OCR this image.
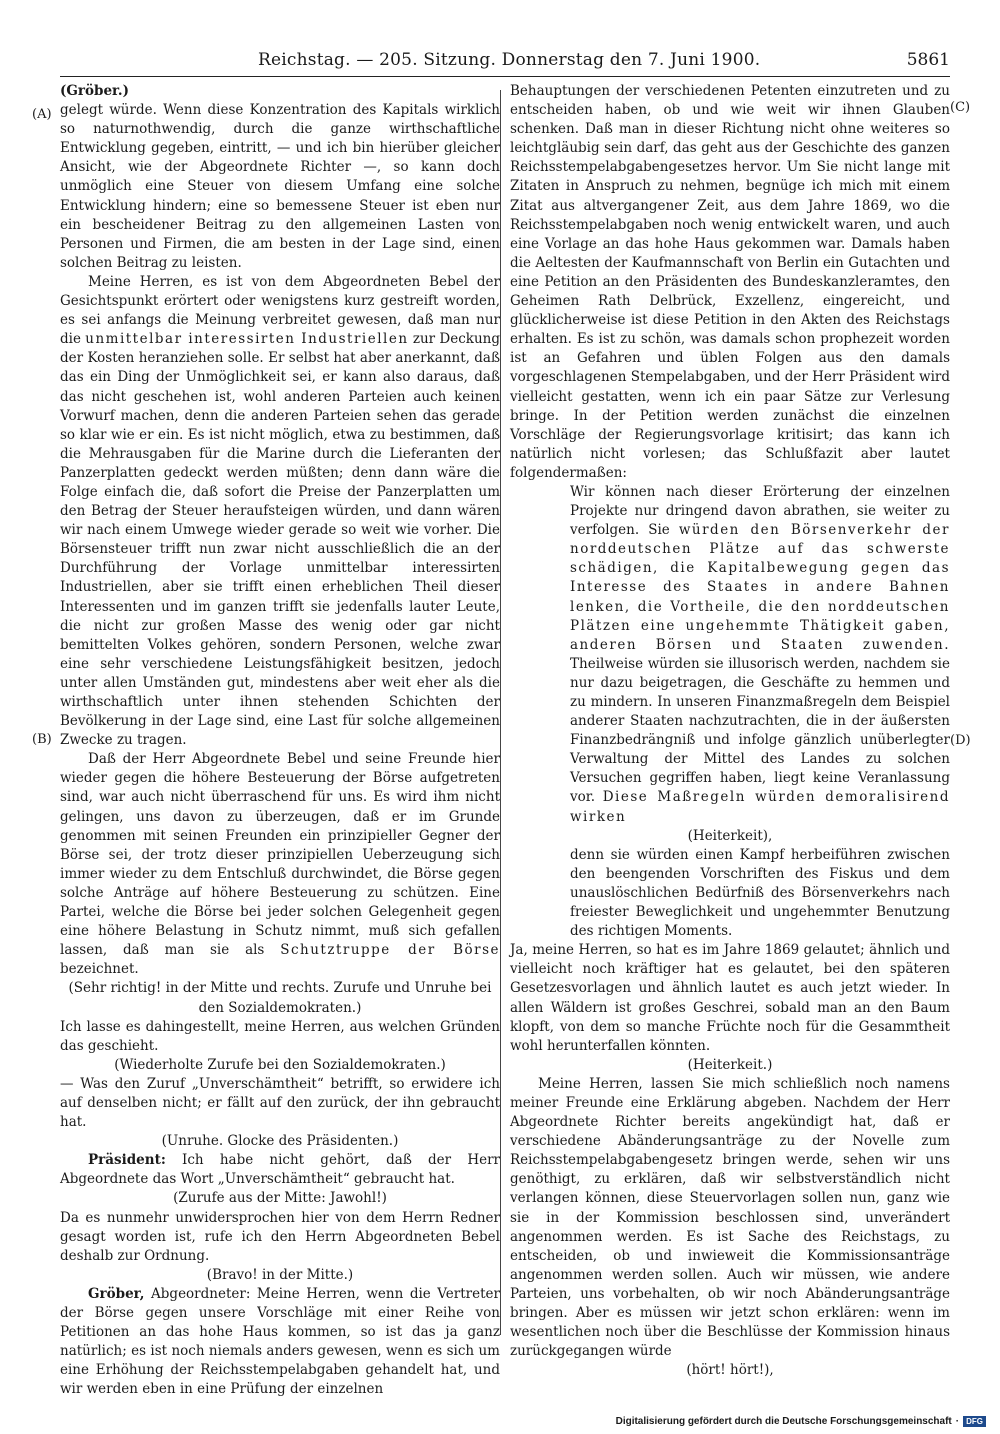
Reichstag. — 205. Sitzung. Donnerstag den 7. Juni 1900.	5861
(A)
(B)
(C)
(D)

(Gröber.)

gelegt würde. Wenn diese Konzentration des Kapitals wirklich so naturnothwendig, durch die ganze wirthschaftliche Entwicklung gegeben, eintritt, — und ich bin hierüber gleicher Ansicht, wie der Abgeordnete Richter —, so kann doch unmöglich eine Steuer von diesem Umfang eine solche Entwicklung hindern; eine so bemessene Steuer ist eben nur ein bescheidener Beitrag zu den allgemeinen Lasten von Personen und Firmen, die am besten in der Lage sind, einen solchen Beitrag zu leisten.

Meine Herren, es ist von dem Abgeordneten Bebel der Gesichtspunkt erörtert oder wenigstens kurz gestreift worden, es sei anfangs die Meinung verbreitet gewesen, daß man nur die unmittelbar interessirten Industriellen zur Deckung der Kosten heranziehen solle. Er selbst hat aber anerkannt, daß das ein Ding der Unmöglichkeit sei, er kann also daraus, daß das nicht geschehen ist, wohl anderen Parteien auch keinen Vorwurf machen, denn die anderen Parteien sehen das gerade so klar wie er ein. Es ist nicht möglich, etwa zu bestimmen, daß die Mehrausgaben für die Marine durch die Lieferanten der Panzerplatten gedeckt werden müßten; denn dann wäre die Folge einfach die, daß sofort die Preise der Panzerplatten um den Betrag der Steuer heraufsteigen würden, und dann wären wir nach einem Umwege wieder gerade so weit wie vorher. Die Börsensteuer trifft nun zwar nicht ausschließlich die an der Durchführung der Vorlage unmittelbar interessirten Industriellen, aber sie trifft einen erheblichen Theil dieser Interessenten und im ganzen trifft sie jedenfalls lauter Leute, die nicht zur großen Masse des wenig oder gar nicht bemittelten Volkes gehören, sondern Personen, welche zwar eine sehr verschiedene Leistungsfähigkeit besitzen, jedoch unter allen Umständen gut, mindestens aber weit eher als die wirthschaftlich unter ihnen stehenden Schichten der Bevölkerung in der Lage sind, eine Last für solche allgemeinen Zwecke zu tragen.

Daß der Herr Abgeordnete Bebel und seine Freunde hier wieder gegen die höhere Besteuerung der Börse aufgetreten sind, war auch nicht überraschend für uns. Es wird ihm nicht gelingen, uns davon zu überzeugen, daß er im Grunde genommen mit seinen Freunden ein prinzipieller Gegner der Börse sei, der trotz dieser prinzipiellen Ueberzeugung sich immer wieder zu dem Entschluß durchwindet, die Börse gegen solche Anträge auf höhere Besteuerung zu schützen. Eine Partei, welche die Börse bei jeder solchen Gelegenheit gegen eine höhere Belastung in Schutz nimmt, muß sich gefallen lassen, daß man sie als Schutztruppe der Börse bezeichnet.

(Sehr richtig! in der Mitte und rechts. Zurufe und Unruhe bei den Sozialdemokraten.)

Ich lasse es dahingestellt, meine Herren, aus welchen Gründen das geschieht.

(Wiederholte Zurufe bei den Sozialdemokraten.)

— Was den Zuruf „Unverschämtheit“ betrifft, so erwidere ich auf denselben nicht; er fällt auf den zurück, der ihn gebraucht hat.

(Unruhe. Glocke des Präsidenten.)

Präsident: Ich habe nicht gehört, daß der Herr Abgeordnete das Wort „Unverschämtheit“ gebraucht hat.

(Zurufe aus der Mitte: Jawohl!)

Da es nunmehr unwidersprochen hier von dem Herrn Redner gesagt worden ist, rufe ich den Herrn Abgeordneten Bebel deshalb zur Ordnung.

(Bravo! in der Mitte.)

Gröber, Abgeordneter: Meine Herren, wenn die Vertreter der Börse gegen unsere Vorschläge mit einer Reihe von Petitionen an das hohe Haus kommen, so ist das ja ganz natürlich; es ist noch niemals anders gewesen, wenn es sich um eine Erhöhung der Reichsstempelabgaben gehandelt hat, und wir werden eben in eine Prüfung der einzelnen

Behauptungen der verschiedenen Petenten einzutreten und zu entscheiden haben, ob und wie weit wir ihnen Glauben schenken. Daß man in dieser Richtung nicht ohne weiteres so leichtgläubig sein darf, das geht aus der Geschichte des ganzen Reichsstempelabgabengesetzes hervor. Um Sie nicht lange mit Zitaten in Anspruch zu nehmen, begnüge ich mich mit einem Zitat aus altvergangener Zeit, aus dem Jahre 1869, wo die Reichsstempelabgaben noch wenig entwickelt waren, und auch eine Vorlage an das hohe Haus gekommen war. Damals haben die Aeltesten der Kaufmannschaft von Berlin ein Gutachten und eine Petition an den Präsidenten des Bundeskanzleramtes, den Geheimen Rath Delbrück, Exzellenz, eingereicht, und glücklicherweise ist diese Petition in den Akten des Reichstags erhalten. Es ist zu schön, was damals schon prophezeit worden ist an Gefahren und üblen Folgen aus den damals vorgeschlagenen Stempelabgaben, und der Herr Präsident wird vielleicht gestatten, wenn ich ein paar Sätze zur Verlesung bringe. In der Petition werden zunächst die einzelnen Vorschläge der Regierungsvorlage kritisirt; das kann ich natürlich nicht vorlesen; das Schlußfazit aber lautet folgendermaßen:

Wir können nach dieser Erörterung der einzelnen Projekte nur dringend davon abrathen, sie weiter zu verfolgen. Sie würden den Börsenverkehr der norddeutschen Plätze auf das schwerste schädigen, die Kapitalbewegung gegen das Interesse des Staates in andere Bahnen lenken, die Vortheile, die den norddeutschen Plätzen eine ungehemmte Thätigkeit gaben, anderen Börsen und Staaten zuwenden. Theilweise würden sie illusorisch werden, nachdem sie nur dazu beigetragen, die Geschäfte zu hemmen und zu mindern. In unseren Finanzmaßregeln dem Beispiel anderer Staaten nachzutrachten, die in der äußersten Finanzbedrängniß und infolge gänzlich unüberlegter Verwaltung der Mittel des Landes zu solchen Versuchen gegriffen haben, liegt keine Veranlassung vor. Diese Maßregeln würden demoralisirend wirken

(Heiterkeit),

denn sie würden einen Kampf herbeiführen zwischen den beengenden Vorschriften des Fiskus und dem unauslöschlichen Bedürfniß des Börsenverkehrs nach freiester Beweglichkeit und ungehemmter Benutzung des richtigen Moments.

Ja, meine Herren, so hat es im Jahre 1869 gelautet; ähnlich und vielleicht noch kräftiger hat es gelautet, bei den späteren Gesetzesvorlagen und ähnlich lautet es auch jetzt wieder. In allen Wäldern ist großes Geschrei, sobald man an den Baum klopft, von dem so manche Früchte noch für die Gesammtheit wohl herunterfallen könnten.

(Heiterkeit.)

Meine Herren, lassen Sie mich schließlich noch namens meiner Freunde eine Erklärung abgeben. Nachdem der Herr Abgeordnete Richter bereits angekündigt hat, daß er verschiedene Abänderungsanträge zu der Novelle zum Reichsstempelabgabengesetz bringen werde, sehen wir uns genöthigt, zu erklären, daß wir selbstverständlich nicht verlangen können, diese Steuervorlagen sollen nun, ganz wie sie in der Kommission beschlossen sind, unverändert angenommen werden. Es ist Sache des Reichstags, zu entscheiden, ob und inwieweit die Kommissionsanträge angenommen werden sollen. Auch wir müssen, wie andere Parteien, uns vorbehalten, ob wir noch Abänderungsanträge bringen. Aber es müssen wir jetzt schon erklären: wenn im wesentlichen noch über die Beschlüsse der Kommission hinaus zurückgegangen würde

(hört! hört!),

Digitalisierung gefördert durch die Deutsche Forschungsgemeinschaft · DFG
